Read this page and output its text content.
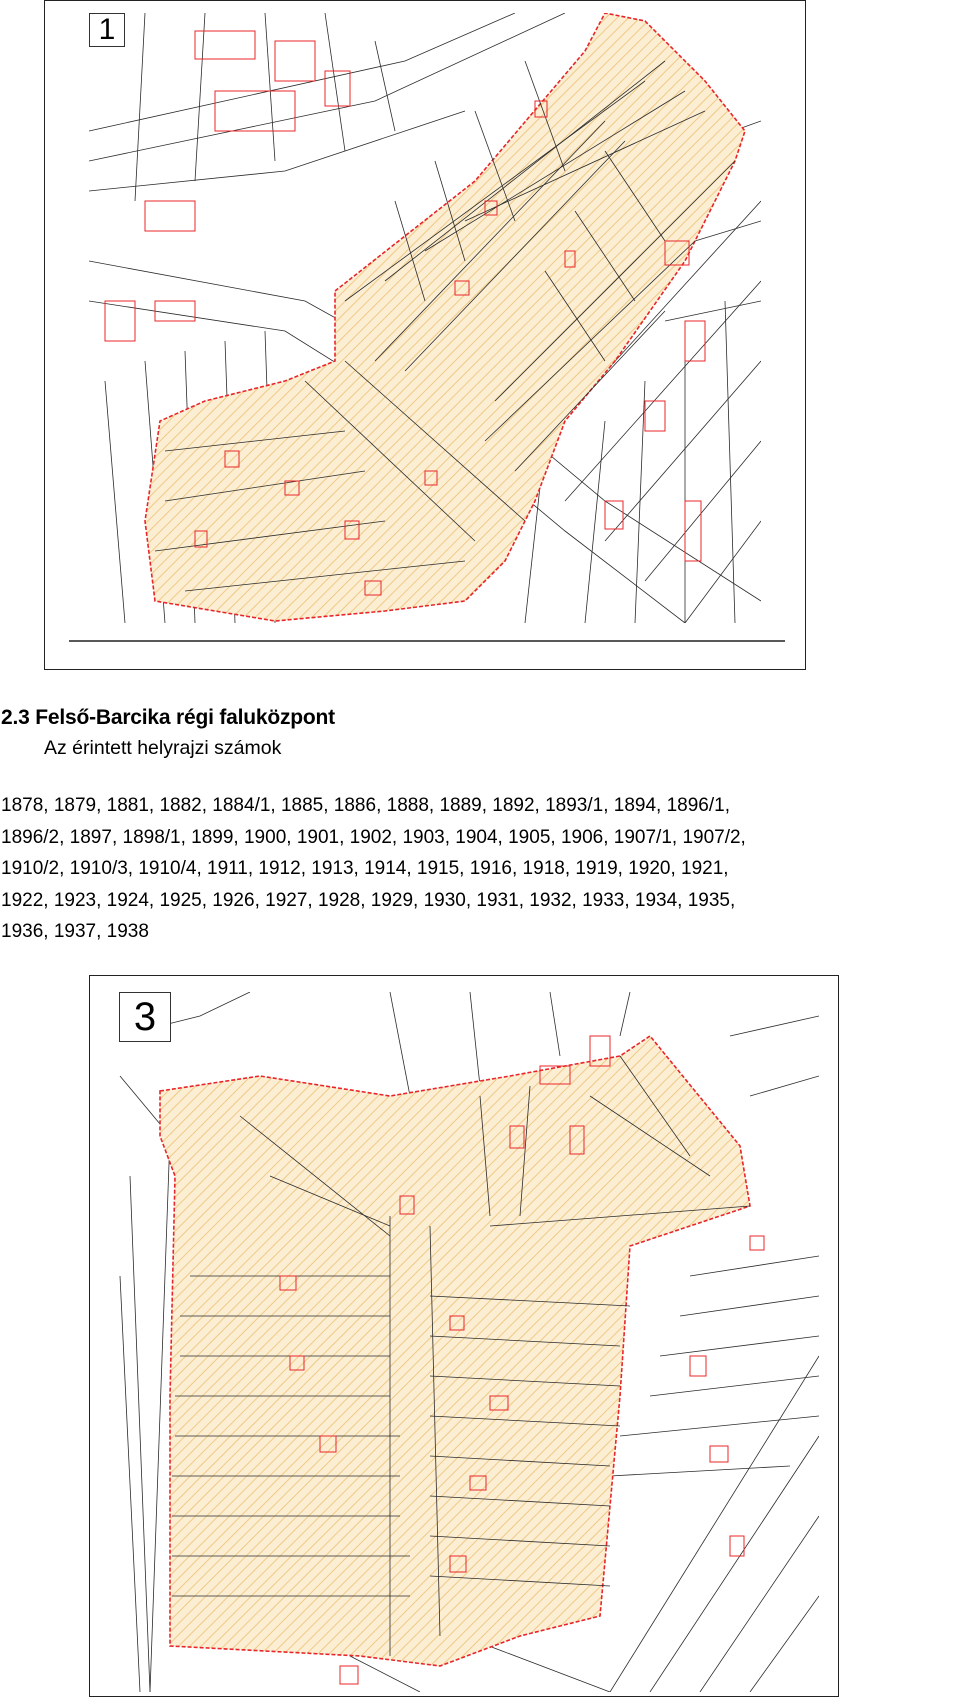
1
2.3 Felső-Barcika régi faluközpont
Az érintett helyrajzi számok
1878, 1879, 1881, 1882, 1884/1, 1885, 1886, 1888, 1889, 1892, 1893/1, 1894, 1896/1,
1896/2, 1897, 1898/1, 1899, 1900, 1901, 1902, 1903, 1904, 1905, 1906, 1907/1, 1907/2,
1910/2, 1910/3, 1910/4, 1911, 1912, 1913, 1914, 1915, 1916, 1918, 1919, 1920, 1921,
1922, 1923, 1924, 1925, 1926, 1927, 1928, 1929, 1930, 1931, 1932, 1933, 1934, 1935,
1936, 1937, 1938
3
